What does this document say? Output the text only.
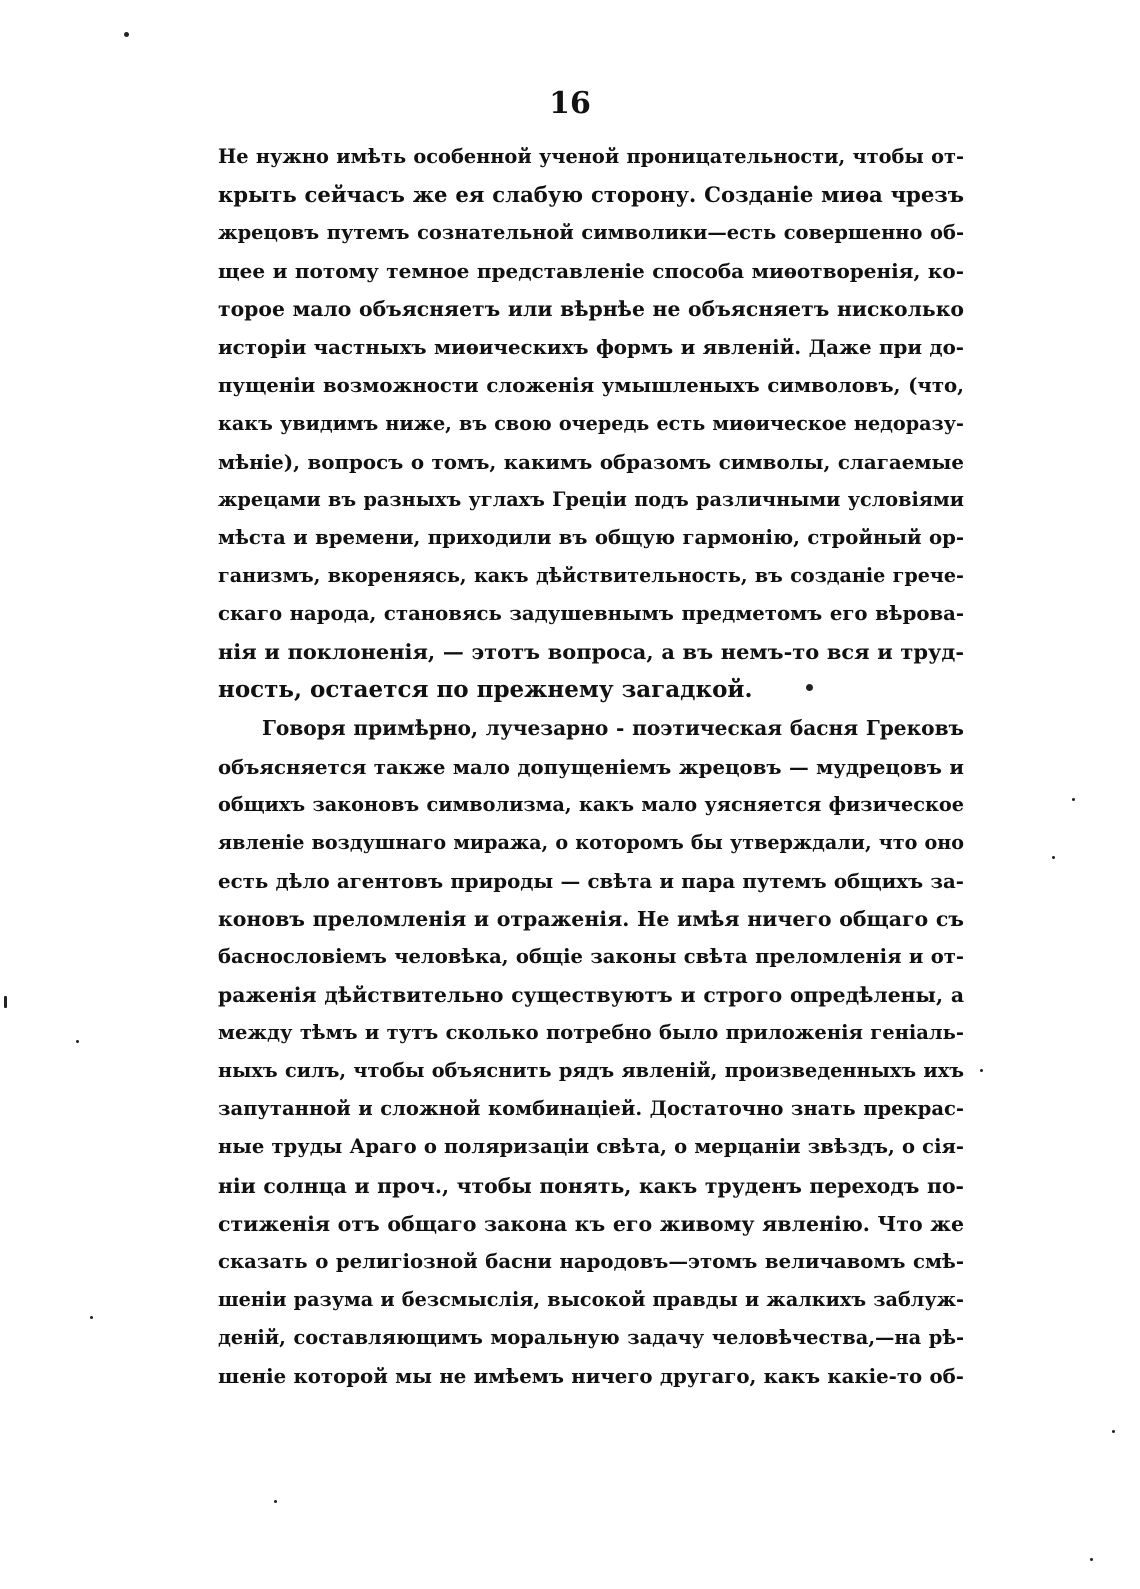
16
Не нужно имѣть особенной ученой проницательности, чтобы от-
крыть сейчасъ же ея слабую сторону. Созданіе миѳа чрезъ
жрецовъ путемъ сознательной символики—есть совершенно об-
щее и потому темное представленіе способа миѳотворенія, ко-
торое мало объясняетъ или вѣрнѣе не объясняетъ нисколько
исторіи частныхъ миѳическихъ формъ и явленій. Даже при до-
пущеніи возможности сложенія умышленыхъ символовъ, (что,
какъ увидимъ ниже, въ свою очередь есть миѳическое недоразу-
мѣніе), вопросъ о томъ, какимъ образомъ символы, слагаемые
жрецами въ разныхъ углахъ Греціи подъ различными условіями
мѣста и времени, приходили въ общую гармонію, стройный ор-
ганизмъ, вкореняясь, какъ дѣйствительность, въ созданіе грече-
скаго народа, становясь задушевнымъ предметомъ его вѣрова-
нія и поклоненія, — этотъ вопроса, а въ немъ-то вся и труд-
ность, остается по прежнему загадкой.
Говоря примѣрно, лучезарно - поэтическая басня Грековъ
объясняется также мало допущеніемъ жрецовъ — мудрецовъ и
общихъ законовъ символизма, какъ мало уясняется физическое
явленіе воздушнаго миража, о которомъ бы утверждали, что оно
есть дѣло агентовъ природы — свѣта и пара путемъ общихъ за-
коновъ преломленія и отраженія. Не имѣя ничего общаго съ
баснословіемъ человѣка, общіе законы свѣта преломленія и от-
раженія дѣйствительно существуютъ и строго опредѣлены, а
между тѣмъ и тутъ сколько потребно было приложенія геніаль-
ныхъ силъ, чтобы объяснить рядъ явленій, произведенныхъ ихъ
запутанной и сложной комбинацiей. Достаточно знать прекрас-
ные труды Араго о поляризаціи свѣта, о мерцаніи звѣздъ, о сія-
ніи солнца и проч., чтобы понять, какъ труденъ переходъ по-
стиженія отъ общаго закона къ его живому явленію. Что же
сказать о религіозной басни народовъ—этомъ величавомъ смѣ-
шеніи разума и безсмыслія, высокой правды и жалкихъ заблуж-
деній, составляющимъ моральную задачу человѣчества,—на рѣ-
шеніе которой мы не имѣемъ ничего другаго, какъ какіе-то об-
